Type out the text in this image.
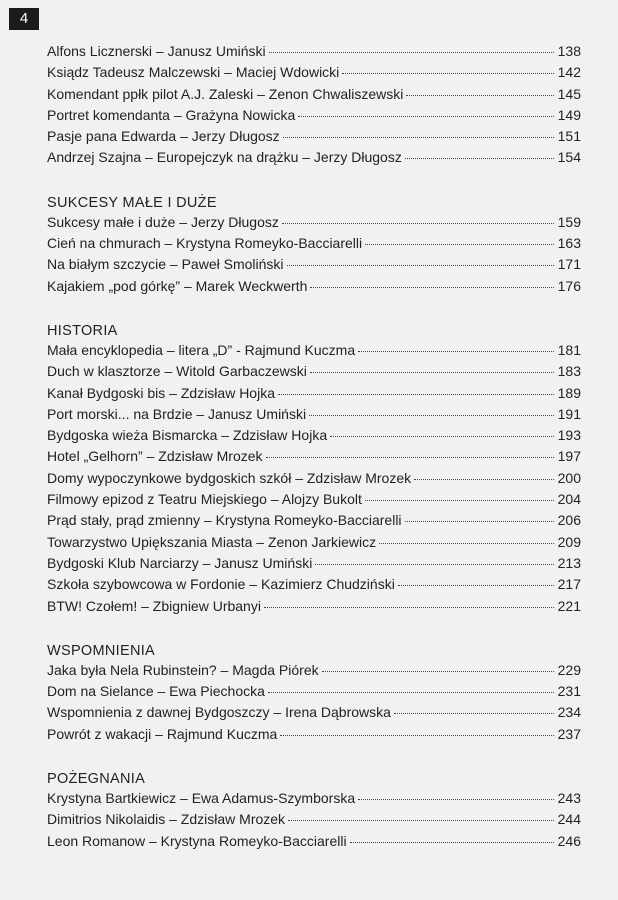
4
Alfons Licznerski – Janusz Umiński	138
Ksiądz Tadeusz Malczewski – Maciej Wdowicki	142
Komendant ppłk pilot A.J. Zaleski – Zenon Chwaliszewski	145
Portret komendanta – Grażyna Nowicka	149
Pasje pana Edwarda – Jerzy Długosz	151
Andrzej Szajna – Europejczyk na drążku – Jerzy Długosz	154
SUKCESY MAŁE I DUŻE
Sukcesy małe i duże – Jerzy Długosz	159
Cień na chmurach – Krystyna Romeyko-Bacciarelli	163
Na białym szczycie – Paweł Smoliński	171
Kajakiem „pod górkę” – Marek Weckwerth	176
HISTORIA
Mała encyklopedia – litera „D” - Rajmund Kuczma	181
Duch w klasztorze – Witold Garbaczewski	183
Kanał Bydgoski bis – Zdzisław Hojka	189
Port morski... na Brdzie – Janusz Umiński	191
Bydgoska wieża Bismarcka – Zdzisław Hojka	193
Hotel „Gelhorn” – Zdzisław Mrozek	197
Domy wypoczynkowe bydgoskich szkół – Zdzisław Mrozek	200
Filmowy epizod z Teatru Miejskiego – Alojzy Bukolt	204
Prąd stały, prąd zmienny – Krystyna Romeyko-Bacciarelli	206
Towarzystwo Upiększania Miasta – Zenon Jarkiewicz	209
Bydgoski Klub Narciarzy – Janusz Umiński	213
Szkoła szybowcowa w Fordonie – Kazimierz Chudziński	217
BTW! Czołem! – Zbigniew Urbanyi	221
WSPOMNIENIA
Jaka była Nela Rubinstein? – Magda Piórek	229
Dom na Sielance – Ewa Piechocka	231
Wspomnienia z dawnej Bydgoszczy – Irena Dąbrowska	234
Powrót z wakacji – Rajmund Kuczma	237
POŻEGNANIA
Krystyna Bartkiewicz – Ewa Adamus-Szymborska	243
Dimitrios Nikolaidis – Zdzisław Mrozek	244
Leon Romanow – Krystyna Romeyko-Bacciarelli	246
